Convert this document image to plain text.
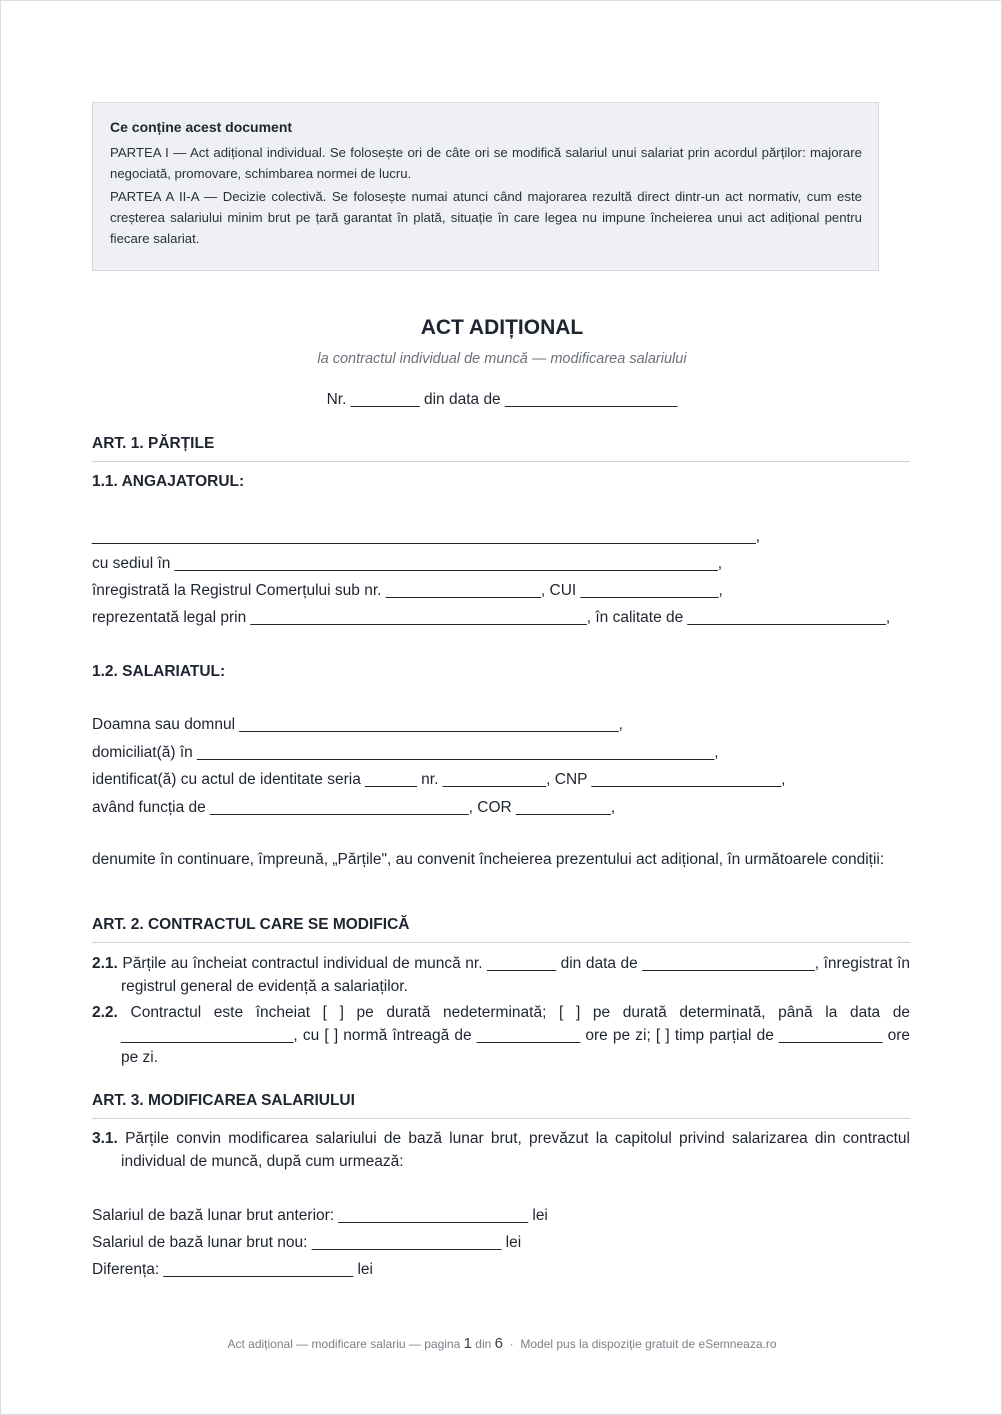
Ce conține acest document

PARTEA I — Act adițional individual. Se folosește ori de câte ori se modifică salariul unui salariat prin acordul părților: majorare negociată, promovare, schimbarea normei de lucru.

PARTEA A II-A — Decizie colectivă. Se folosește numai atunci când majorarea rezultă direct dintr-un act normativ, cum este creșterea salariului minim brut pe țară garantat în plată, situație în care legea nu impune încheierea unui act adițional pentru fiecare salariat.

ACT ADIȚIONAL
la contractul individual de muncă — modificarea salariului
Nr. ________ din data de ____________________
ART. 1. PĂRȚILE
1.1. ANGAJATORUL:
_____________________________________________________________________________,
cu sediul în _______________________________________________________________,
înregistrată la Registrul Comerțului sub nr. __________________, CUI ________________,
reprezentată legal prin _______________________________________, în calitate de _______________________,
1.2. SALARIATUL:
Doamna sau domnul ____________________________________________,
domiciliat(ă) în ____________________________________________________________,
identificat(ă) cu actul de identitate seria ______ nr. ____________, CNP ______________________,
având funcția de ______________________________, COR ___________,
denumite în continuare, împreună, „Părțile", au convenit încheierea prezentului act adițional, în următoarele condiții:
ART. 2. CONTRACTUL CARE SE MODIFICĂ
2.1. Părțile au încheiat contractul individual de muncă nr. ________ din data de ____________________, înregistrat în registrul general de evidență a salariaților.
2.2. Contractul este încheiat [ ] pe durată nedeterminată; [ ] pe durată determinată, până la data de ____________________, cu [ ] normă întreagă de ____________ ore pe zi; [ ] timp parțial de ____________ ore pe zi.
ART. 3. MODIFICAREA SALARIULUI
3.1. Părțile convin modificarea salariului de bază lunar brut, prevăzut la capitolul privind salarizarea din contractul individual de muncă, după cum urmează:
Salariul de bază lunar brut anterior: ______________________ lei
Salariul de bază lunar brut nou: ______________________ lei
Diferența: ______________________ lei
Act adițional — modificare salariu — pagina 1 din 6 · Model pus la dispoziție gratuit de eSemneaza.ro
